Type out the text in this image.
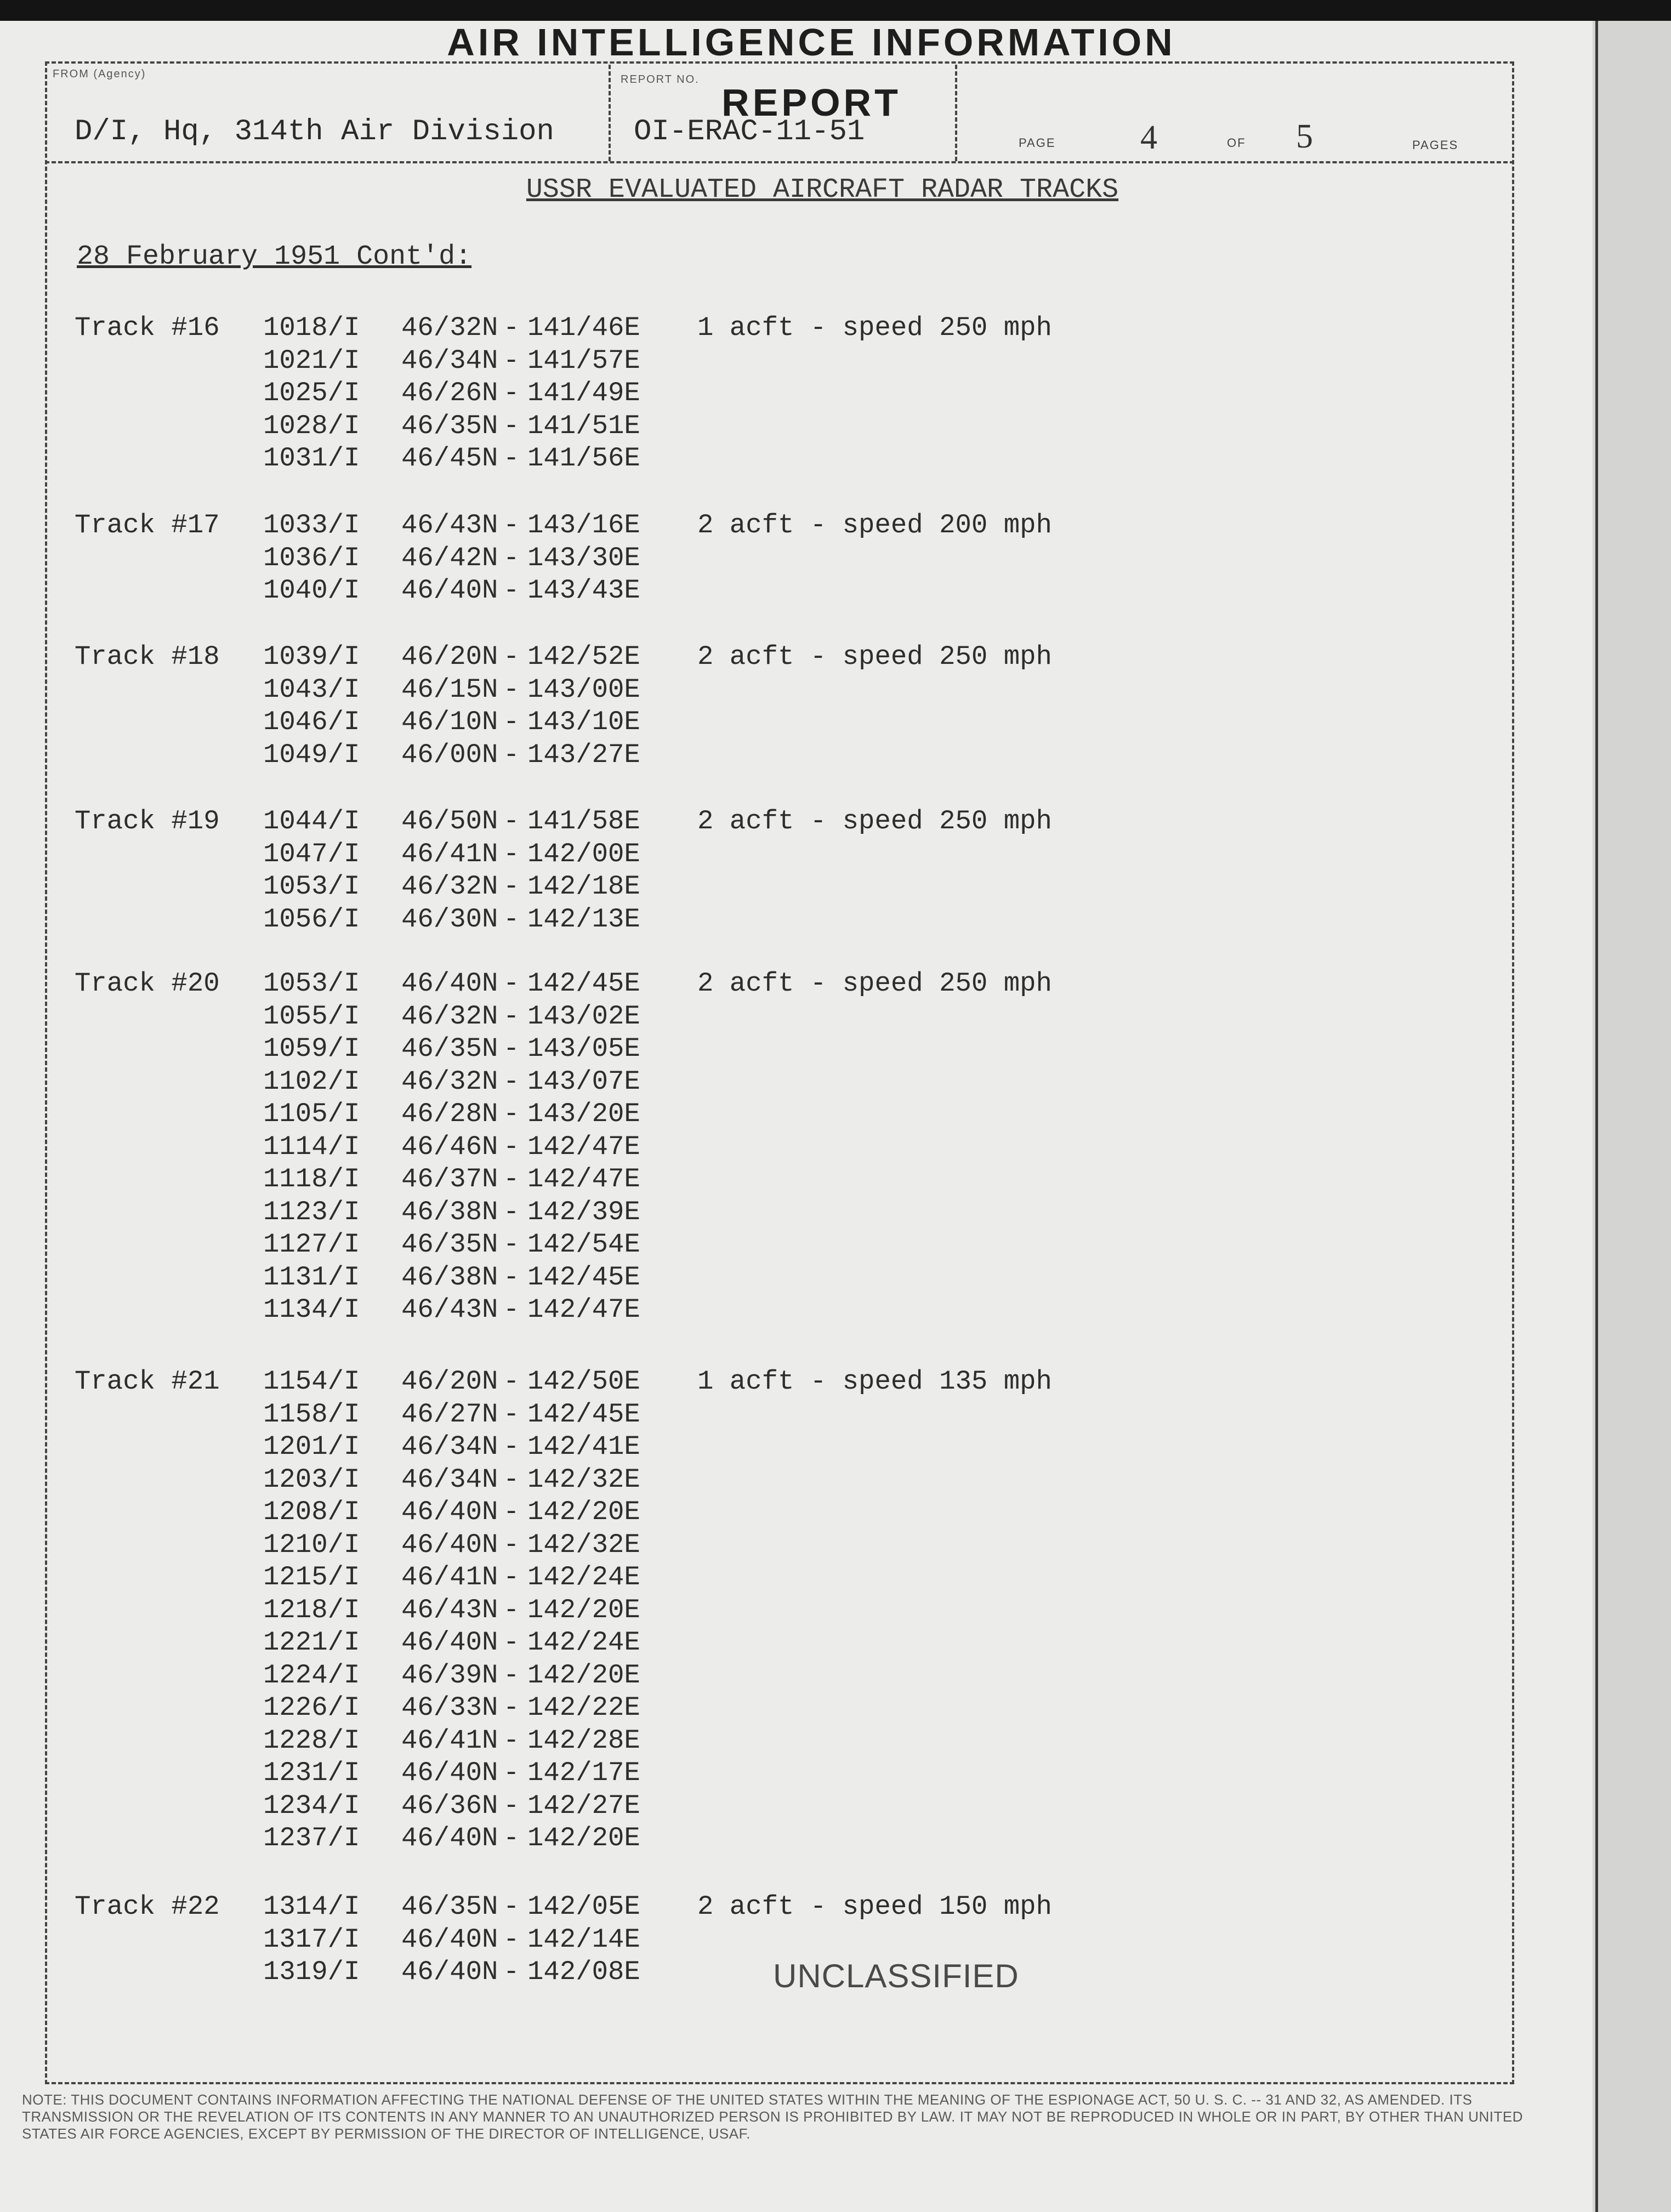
AIR INTELLIGENCE INFORMATION REPORT
FROM (Agency)
D/I, Hq, 314th Air Division
REPORT NO.
OI-ERAC-11-51	PAGE 4	OF 5	PAGES
USSR EVALUATED AIRCRAFT RADAR TRACKS
28 February 1951 Cont'd:
Track #16 1018/I 46/32N - 141/46E 1 acft - speed 250 mph
1021/I 46/34N - 141/57E
1025/I 46/26N - 141/49E
1028/I 46/35N - 141/51E
1031/I 46/45N - 141/56E
Track #17 1033/I 46/43N - 143/16E 2 acft - speed 200 mph
1036/I 46/42N - 143/30E
1040/I 46/40N - 143/43E
Track #18 1039/I 46/20N - 142/52E 2 acft - speed 250 mph
1043/I 46/15N - 143/00E
1046/I 46/10N - 143/10E
1049/I 46/00N - 143/27E
Track #19 1044/I 46/50N - 141/58E 2 acft - speed 250 mph
1047/I 46/41N - 142/00E
1053/I 46/32N - 142/18E
1056/I 46/30N - 142/13E
Track #20 1053/I 46/40N - 142/45E 2 acft - speed 250 mph
1055/I 46/32N - 143/02E
1059/I 46/35N - 143/05E
1102/I 46/32N - 143/07E
1105/I 46/28N - 143/20E
1114/I 46/46N - 142/47E
1118/I 46/37N - 142/47E
1123/I 46/38N - 142/39E
1127/I 46/35N - 142/54E
1131/I 46/38N - 142/45E
1134/I 46/43N - 142/47E
Track #21 1154/I 46/20N - 142/50E 1 acft - speed 135 mph
1158/I 46/27N - 142/45E
1201/I 46/34N - 142/41E
1203/I 46/34N - 142/32E
1208/I 46/40N - 142/20E
1210/I 46/40N - 142/32E
1215/I 46/41N - 142/24E
1218/I 46/43N - 142/20E
1221/I 46/40N - 142/24E
1224/I 46/39N - 142/20E
1226/I 46/33N - 142/22E
1228/I 46/41N - 142/28E
1231/I 46/40N - 142/17E
1234/I 46/36N - 142/27E
1237/I 46/40N - 142/20E
Track #22 1314/I 46/35N - 142/05E 2 acft - speed 150 mph
1317/I 46/40N - 142/14E
1319/I 46/40N - 142/08E	UNCLASSIFIED
NOTE: THIS DOCUMENT CONTAINS INFORMATION AFFECTING THE NATIONAL DEFENSE OF THE UNITED STATES WITHIN THE MEANING OF THE ESPIONAGE ACT, 50 U. S. C. -- 31 AND 32, AS AMENDED. ITS TRANSMISSION OR THE REVELATION OF ITS CONTENTS IN ANY MANNER TO AN UNAUTHORIZED PERSON IS PROHIBITED BY LAW. IT MAY NOT BE REPRODUCED IN WHOLE OR IN PART, BY OTHER THAN UNITED STATES AIR FORCE AGENCIES, EXCEPT BY PERMISSION OF THE DIRECTOR OF INTELLIGENCE, USAF.
